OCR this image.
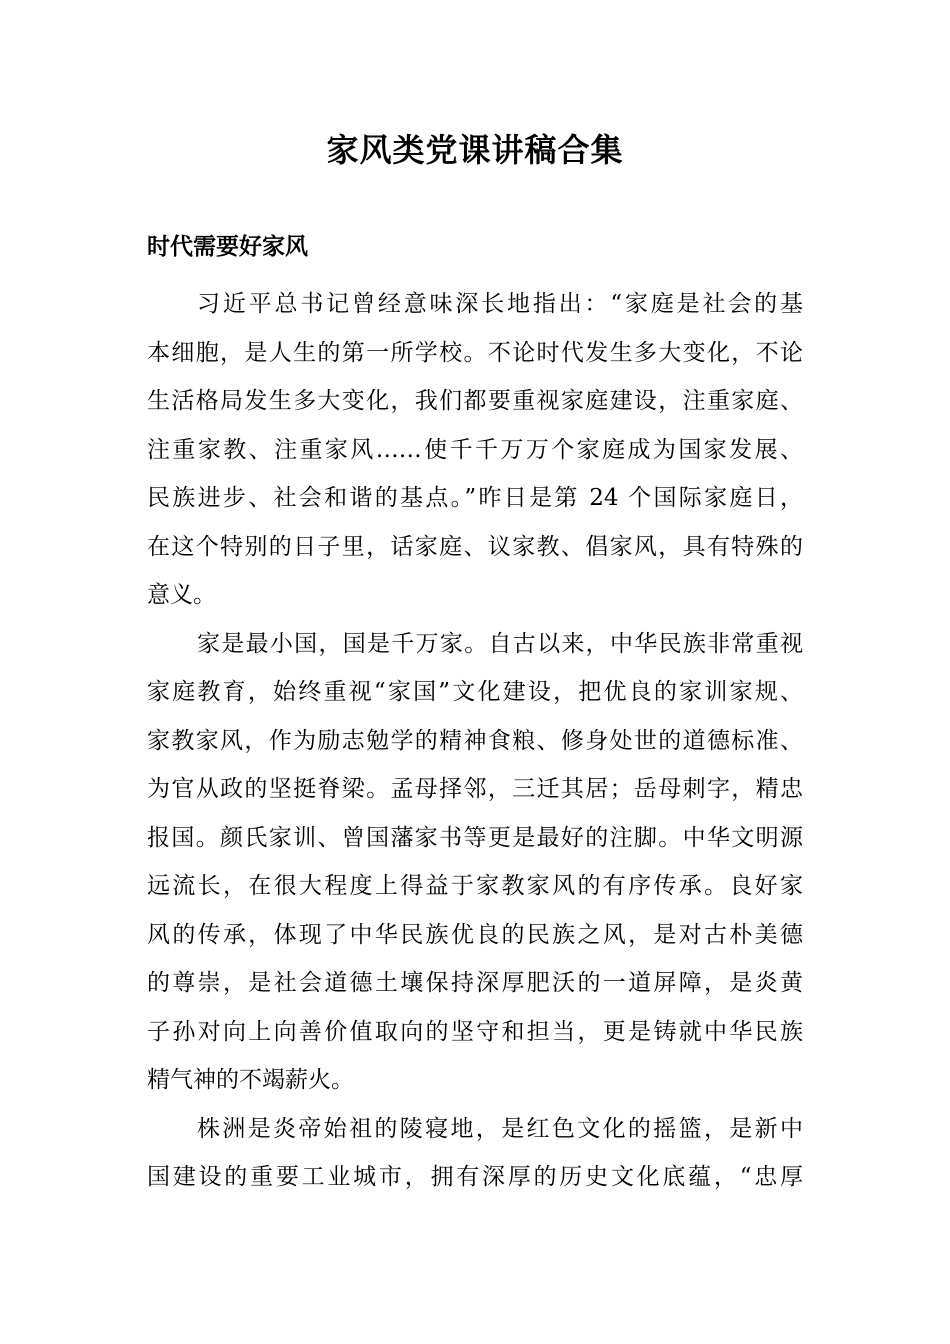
家风类党课讲稿合集
时代需要好家风

习近平总书记曾经意味深长地指出：“家庭是社会的基
本细胞，是人生的第一所学校。不论时代发生多大变化，不论
生活格局发生多大变化，我们都要重视家庭建设，注重家庭、
注重家教、注重家风……使千千万万个家庭成为国家发展、
民族进步、社会和谐的基点。”昨日是第 24 个国际家庭日，
在这个特别的日子里，话家庭、议家教、倡家风，具有特殊的
意义。

家是最小国，国是千万家。自古以来，中华民族非常重视
家庭教育，始终重视“家国”文化建设，把优良的家训家规、
家教家风，作为励志勉学的精神食粮、修身处世的道德标准、
为官从政的坚挺脊梁。孟母择邻，三迁其居；岳母刺字，精忠
报国。颜氏家训、曾国藩家书等更是最好的注脚。中华文明源
远流长，在很大程度上得益于家教家风的有序传承。良好家
风的传承，体现了中华民族优良的民族之风，是对古朴美德
的尊崇，是社会道德土壤保持深厚肥沃的一道屏障，是炎黄
子孙对向上向善价值取向的坚守和担当，更是铸就中华民族
精气神的不竭薪火。

株洲是炎帝始祖的陵寝地，是红色文化的摇篮，是新中
国建设的重要工业城市，拥有深厚的历史文化底蕴，“忠厚
